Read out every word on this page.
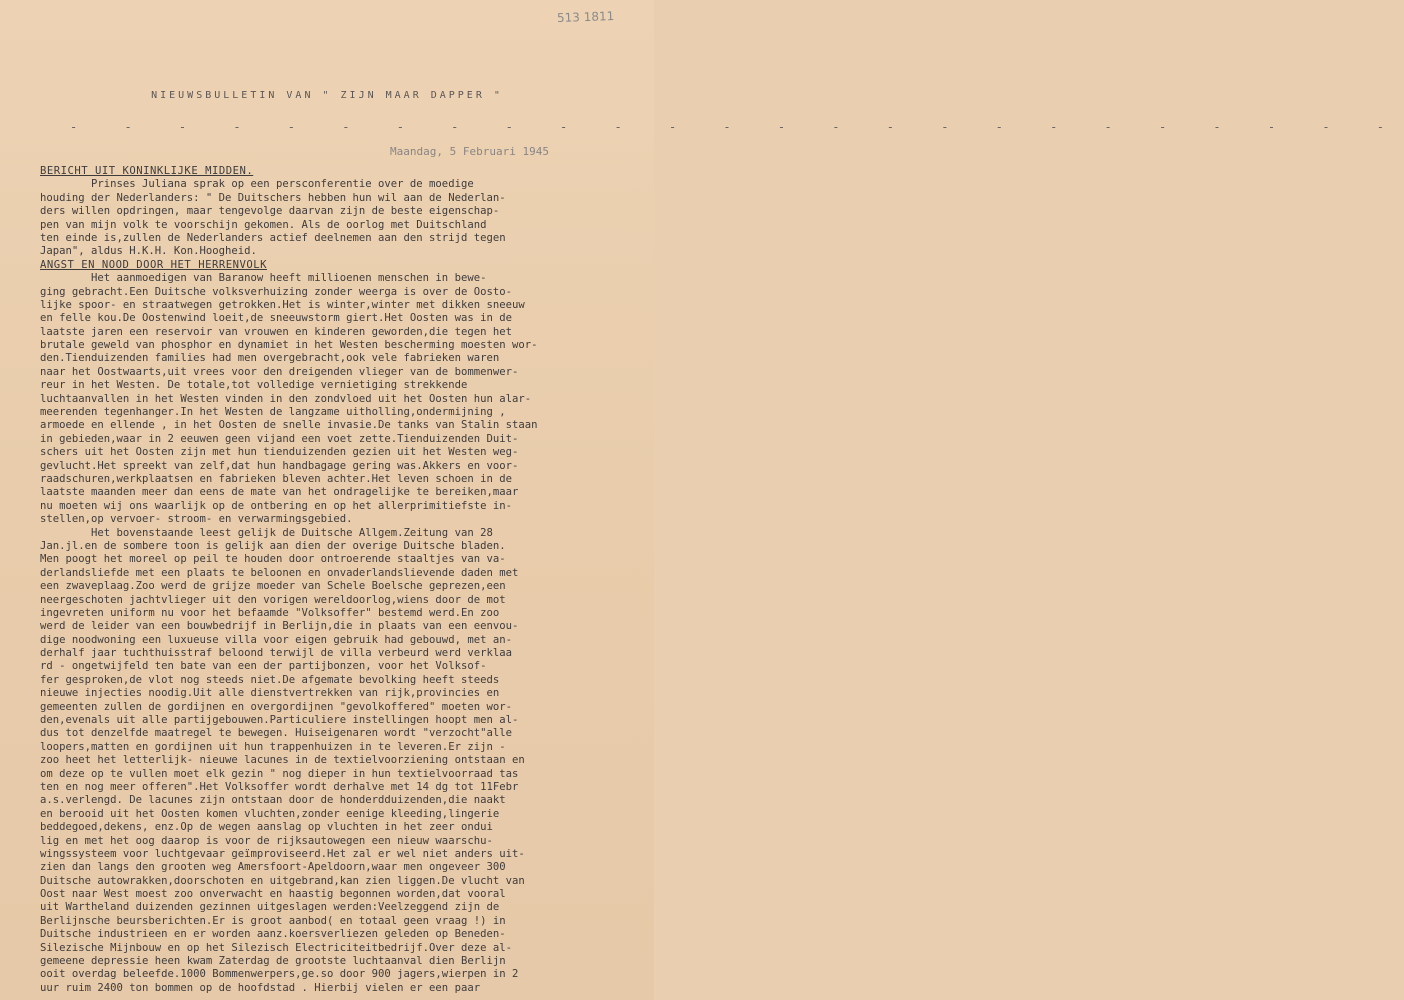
513 1811
NIEUWSBULLETIN VAN " ZIJN MAAR DAPPER "
- - - - - - - - - - - - - - - - - - - - - - - - -
Maandag, 5 Februari 1945
BERICHT UIT KONINKLIJKE MIDDEN.
Prinses Juliana sprak op een persconferentie over de moedige
houding der Nederlanders: " De Duitschers hebben hun wil aan de Nederlan-
ders willen opdringen, maar tengevolge daarvan zijn de beste eigenschap-
pen van mijn volk te voorschijn gekomen. Als de oorlog met Duitschland
ten einde is,zullen de Nederlanders actief deelnemen aan den strijd tegen
Japan", aldus H.K.H. Kon.Hoogheid.
ANGST EN NOOD DOOR HET HERRENVOLK
Het aanmoedigen van Baranow heeft millioenen menschen in bewe-
ging gebracht.Een Duitsche volksverhuizing zonder weerga is over de Oosto-
lijke spoor- en straatwegen getrokken.Het is winter,winter met dikken sneeuw
en felle kou.De Oostenwind loeit,de sneeuwstorm giert.Het Oosten was in de
laatste jaren een reservoir van vrouwen en kinderen geworden,die tegen het
brutale geweld van phosphor en dynamiet in het Westen bescherming moesten wor-
den.Tienduizenden families had men overgebracht,ook vele fabrieken waren
naar het Oostwaarts,uit vrees voor den dreigenden vlieger van de bommenwer-
reur in het Westen. De totale,tot volledige vernietiging strekkende
luchtaanvallen in het Westen vinden in den zondvloed uit het Oosten hun alar-
meerenden tegenhanger.In het Westen de langzame uitholling,ondermijning ,
armoede en ellende , in het Oosten de snelle invasie.De tanks van Stalin staan
in gebieden,waar in 2 eeuwen geen vijand een voet zette.Tienduizenden Duit-
schers uit het Oosten zijn met hun tienduizenden gezien uit het Westen weg-
gevlucht.Het spreekt van zelf,dat hun handbagage gering was.Akkers en voor-
raadschuren,werkplaatsen en fabrieken bleven achter.Het leven schoen in de
laatste maanden meer dan eens de mate van het ondragelijke te bereiken,maar
nu moeten wij ons waarlijk op de ontbering en op het allerprimitiefste in-
stellen,op vervoer- stroom- en verwarmingsgebied.
Het bovenstaande leest gelijk de Duitsche Allgem.Zeitung van 28
Jan.jl.en de sombere toon is gelijk aan dien der overige Duitsche bladen.
Men poogt het moreel op peil te houden door ontroerende staaltjes van va-
derlandsliefde met een plaats te beloonen en onvaderlandslievende daden met
een zwaveplaag.Zoo werd de grijze moeder van Schele Boelsche geprezen,een
neergeschoten jachtvlieger uit den vorigen wereldoorlog,wiens door de mot
ingevreten uniform nu voor het befaamde "Volksoffer" bestemd werd.En zoo
werd de leider van een bouwbedrijf in Berlijn,die in plaats van een eenvou-
dige noodwoning een luxueuse villa voor eigen gebruik had gebouwd, met an-
derhalf jaar tuchthuisstraf beloond terwijl de villa verbeurd werd verklaa
rd - ongetwijfeld ten bate van een der partijbonzen, voor het Volksof-
fer gesproken,de vlot nog steeds niet.De afgemate bevolking heeft steeds
nieuwe injecties noodig.Uit alle dienstvertrekken van rijk,provincies en
gemeenten zullen de gordijnen en overgordijnen "gevolkoffered" moeten wor-
den,evenals uit alle partijgebouwen.Particuliere instellingen hoopt men al-
dus tot denzelfde maatregel te bewegen. Huiseigenaren wordt "verzocht"alle
loopers,matten en gordijnen uit hun trappenhuizen in te leveren.Er zijn -
zoo heet het letterlijk- nieuwe lacunes in de textielvoorziening ontstaan en
om deze op te vullen moet elk gezin " nog dieper in hun textielvoorraad tas
ten en nog meer offeren".Het Volksoffer wordt derhalve met 14 dg tot 11Febr
a.s.verlengd. De lacunes zijn ontstaan door de honderdduizenden,die naakt
en berooid uit het Oosten komen vluchten,zonder eenige kleeding,lingerie
beddegoed,dekens, enz.Op de wegen aanslag op vluchten in het zeer ondui
lig en met het oog daarop is voor de rijksautowegen een nieuw waarschu-
wingssysteem voor luchtgevaar geïmproviseerd.Het zal er wel niet anders uit-
zien dan langs den grooten weg Amersfoort-Apeldoorn,waar men ongeveer 300
Duitsche autowrakken,doorschoten en uitgebrand,kan zien liggen.De vlucht van
Oost naar West moest zoo onverwacht en haastig begonnen worden,dat vooral
uit Wartheland duizenden gezinnen uitgeslagen werden:Veelzeggend zijn de
Berlijnsche beursberichten.Er is groot aanbod( en totaal geen vraag !) in
Duitsche industrieen en er worden aanz.koersverliezen geleden op Beneden-
Silezische Mijnbouw en op het Silezisch Electriciteitbedrijf.Over deze al-
gemeene depressie heen kwam Zaterdag de grootste luchtaanval dien Berlijn
ooit overdag beleefde.1000 Bommenwerpers,ge.so door 900 jagers,wierpen in 2
uur ruim 2400 ton bommen op de hoofdstad . Hierbij vielen er een paar
